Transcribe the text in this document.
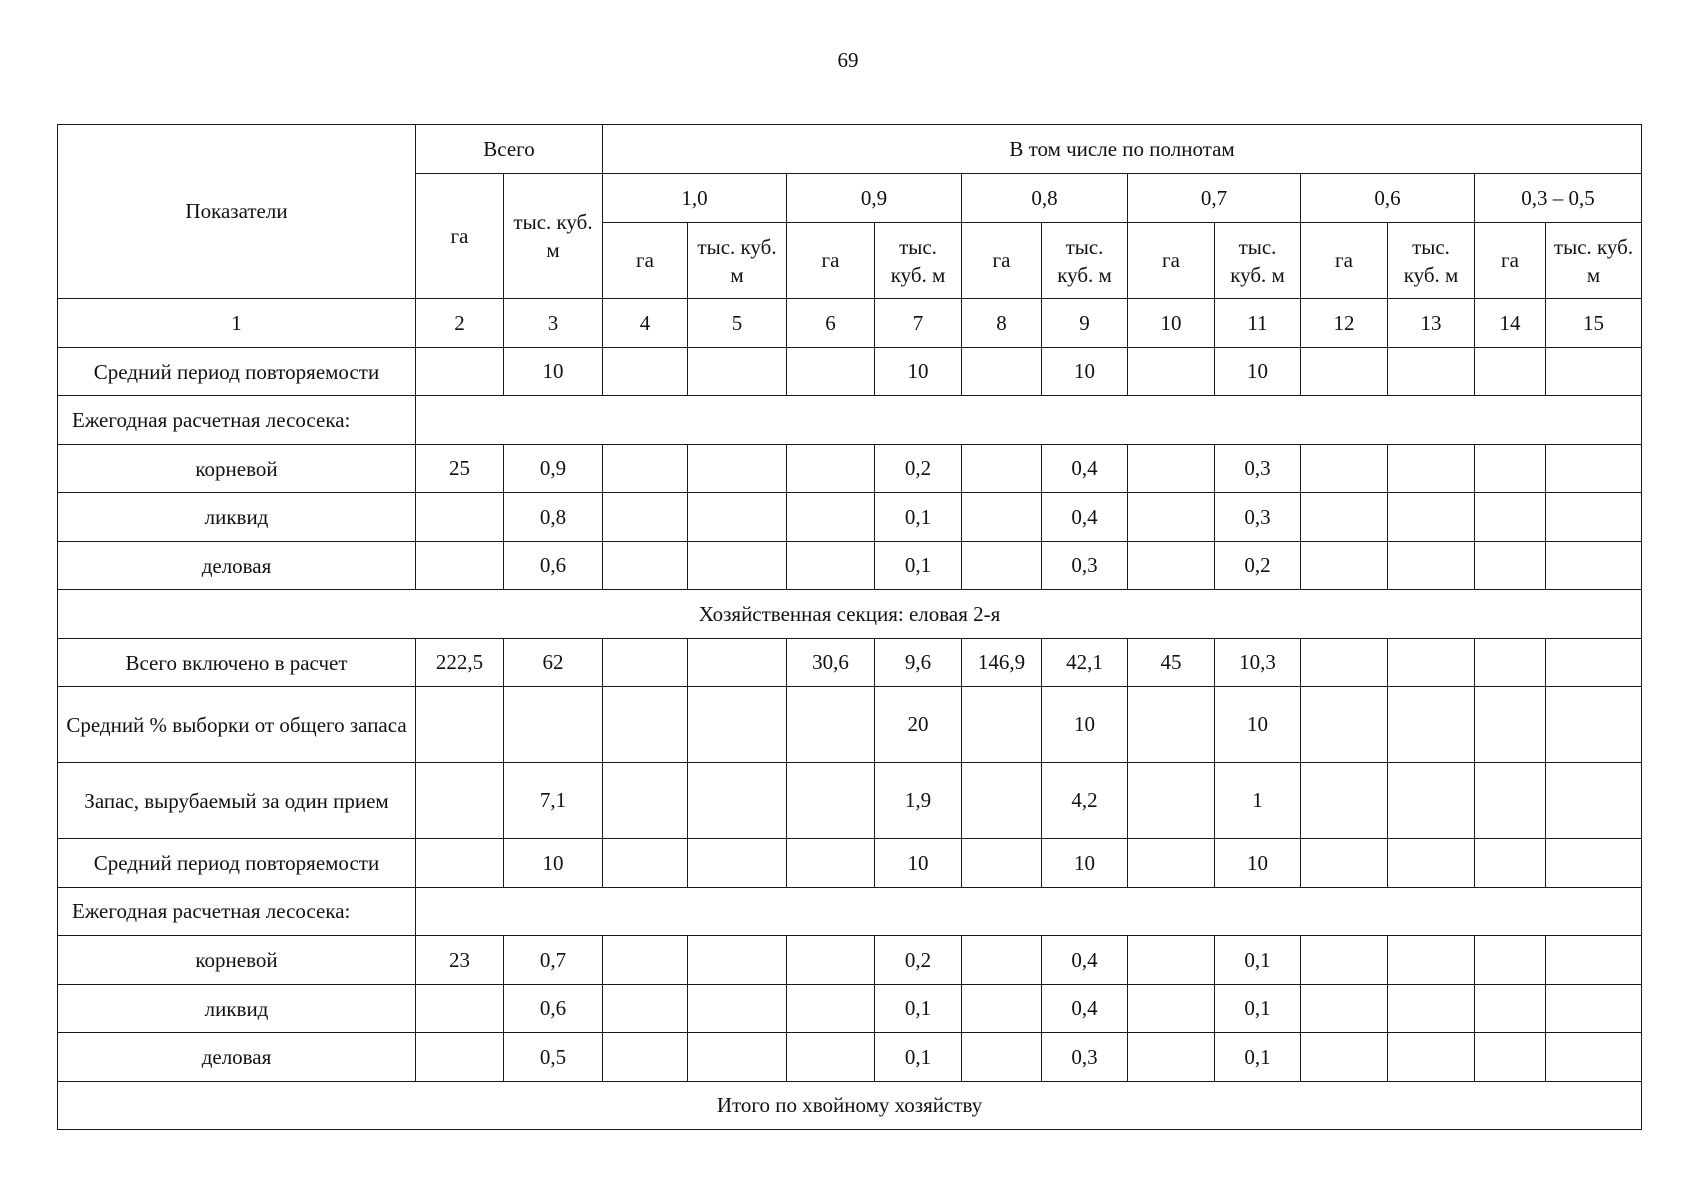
69
Показатели	Всего		В том числе по полнотам											
	га	тыс. куб. м	1,0		0,9		0,8		0,7		0,6		0,3 – 0,5	
			га	тыс. куб. м	га	тыс. куб. м	га	тыс. куб. м	га	тыс. куб. м	га	тыс. куб. м	га	тыс. куб. м
1	2	3	4	5	6	7	8	9	10	11	12	13	14	15
Средний период повторяемости		10				10		10		10				
Ежегодная расчетная лесосека:														
корневой	25	0,9				0,2		0,4		0,3				
ликвид		0,8				0,1		0,4		0,3				
деловая		0,6				0,1		0,3		0,2				
Хозяйственная секция: еловая 2-я														
Всего включено в расчет	222,5	62			30,6	9,6	146,9	42,1	45	10,3				
Средний % выборки от общего запаса						20		10		10				
Запас, вырубаемый за один прием		7,1				1,9		4,2		1				
Средний период повторяемости		10				10		10		10				
Ежегодная расчетная лесосека:														
корневой	23	0,7				0,2		0,4		0,1				
ликвид		0,6				0,1		0,4		0,1				
деловая		0,5				0,1		0,3		0,1				
Итого по хвойному хозяйству														
